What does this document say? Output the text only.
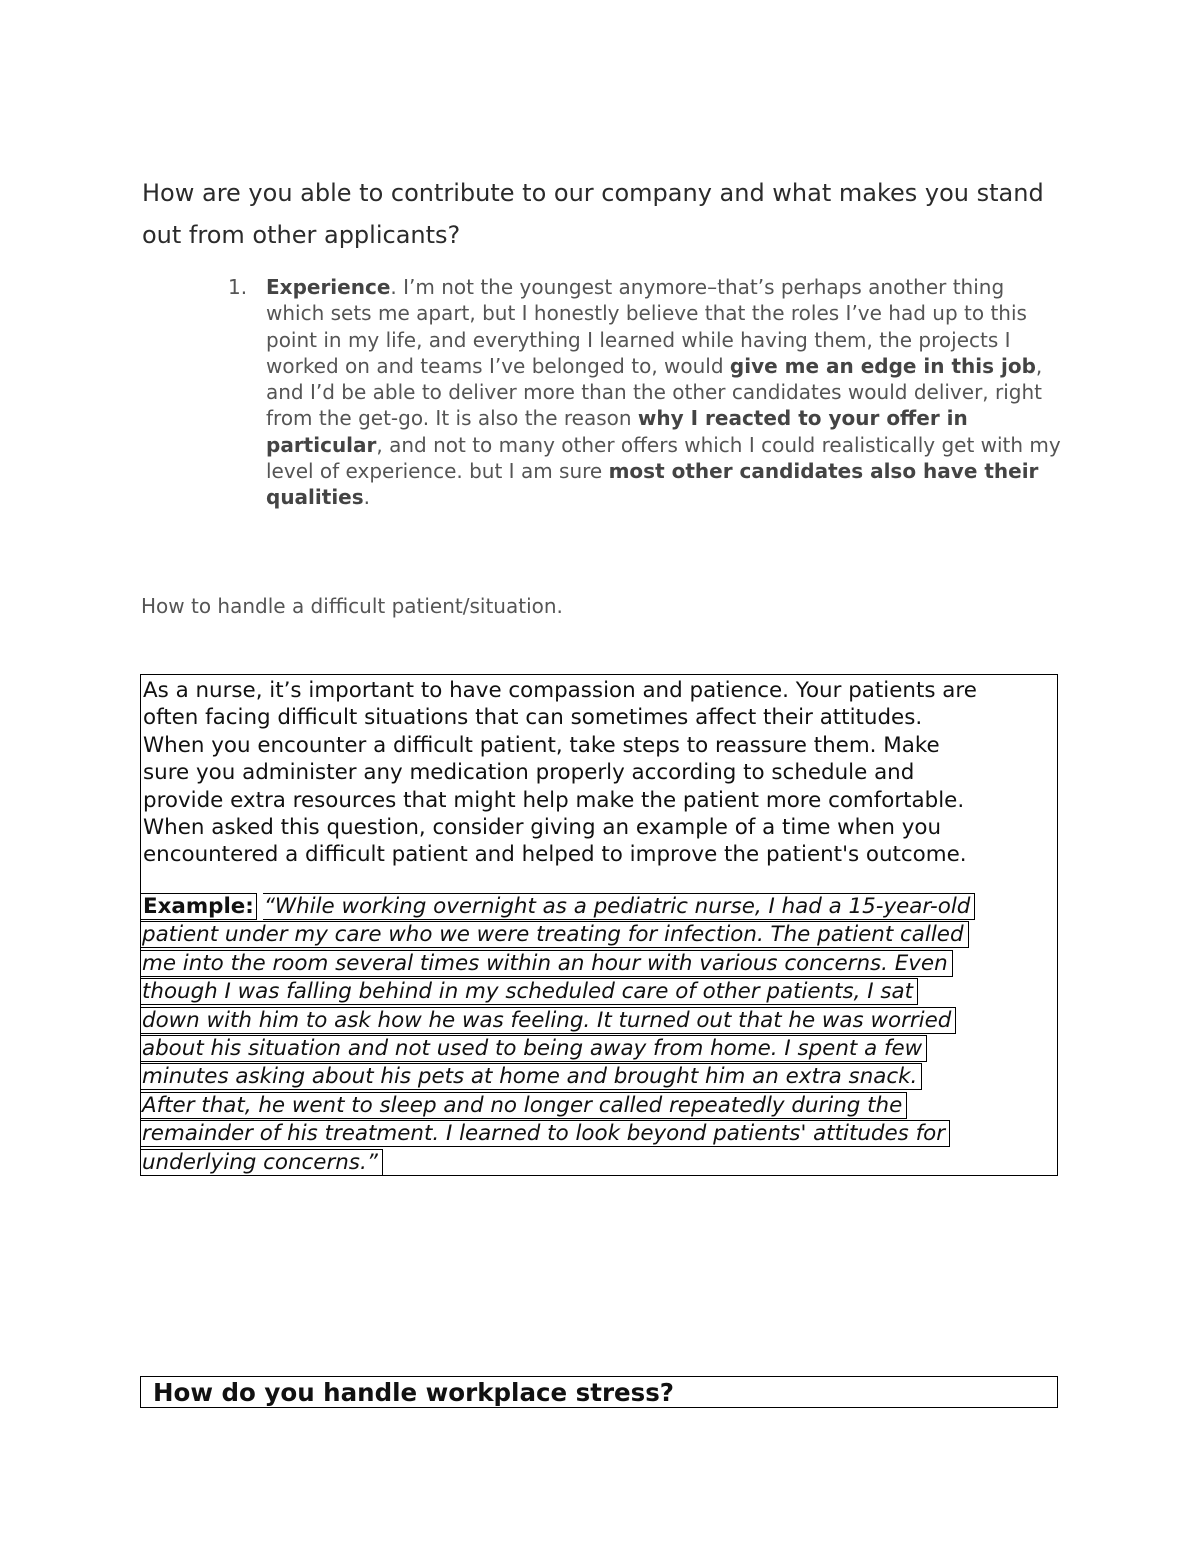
How are you able to contribute to our company and what makes you stand out from other applicants?
1. Experience. I’m not the youngest anymore–that’s perhaps another thing which sets me apart, but I honestly believe that the roles I’ve had up to this point in my life, and everything I learned while having them, the projects I worked on and teams I’ve belonged to, would give me an edge in this job, and I’d be able to deliver more than the other candidates would deliver, right from the get-go. It is also the reason why I reacted to your offer in particular, and not to many other offers which I could realistically get with my level of experience. but I am sure most other candidates also have their qualities.
How to handle a difficult patient/situation.
As a nurse, it’s important to have compassion and patience. Your patients are
often facing difficult situations that can sometimes affect their attitudes.
When you encounter a difficult patient, take steps to reassure them. Make
sure you administer any medication properly according to schedule and
provide extra resources that might help make the patient more comfortable.
When asked this question, consider giving an example of a time when you
encountered a difficult patient and helped to improve the patient's outcome.
Example: “While working overnight as a pediatric nurse, I had a 15-year-old
patient under my care who we were treating for infection. The patient called
me into the room several times within an hour with various concerns. Even
though I was falling behind in my scheduled care of other patients, I sat
down with him to ask how he was feeling. It turned out that he was worried
about his situation and not used to being away from home. I spent a few
minutes asking about his pets at home and brought him an extra snack.
After that, he went to sleep and no longer called repeatedly during the
remainder of his treatment. I learned to look beyond patients' attitudes for
underlying concerns.”
How do you handle workplace stress?
